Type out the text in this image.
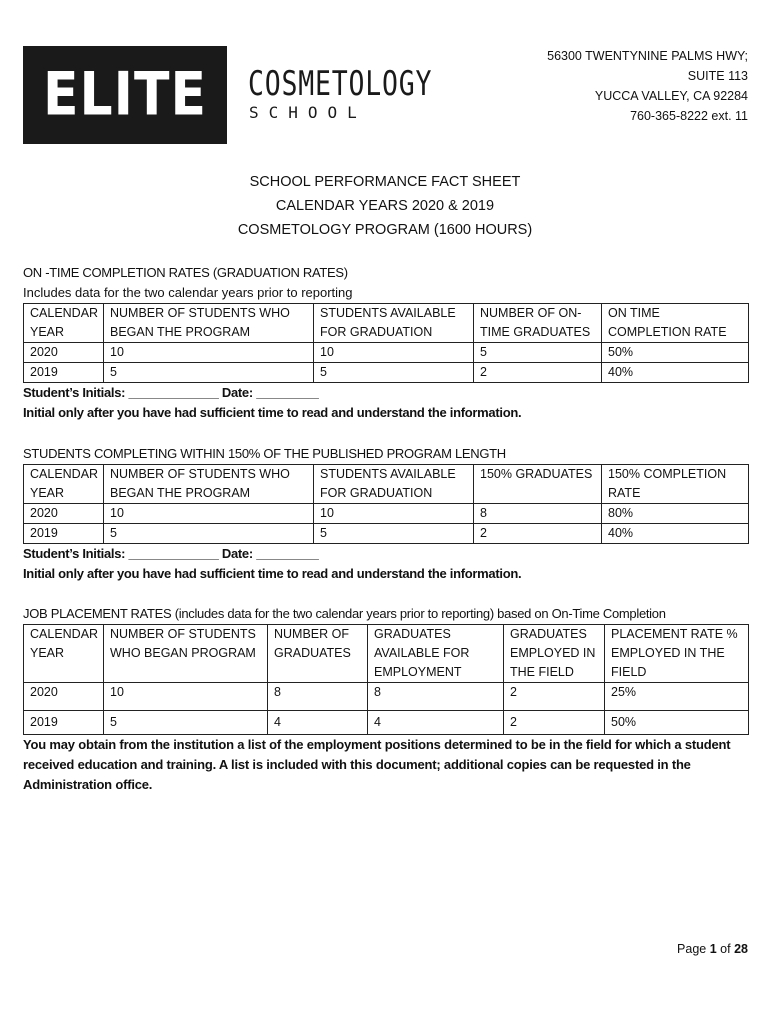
ELITE COSMETOLOGY
SCHOOL
56300 TWENTYNINE PALMS HWY;
SUITE 113
YUCCA VALLEY, CA 92284
760-365-8222 ext. 11
SCHOOL PERFORMANCE FACT SHEET
CALENDAR YEARS 2020 & 2019
COSMETOLOGY PROGRAM (1600 HOURS)
ON -TIME COMPLETION RATES (GRADUATION RATES)
Includes data for the two calendar years prior to reporting
CALENDAR YEAR	NUMBER OF STUDENTS WHO BEGAN THE PROGRAM	STUDENTS AVAILABLE FOR GRADUATION	NUMBER OF ON-TIME GRADUATES	ON TIME COMPLETION RATE
2020	10	10	5	50%
2019	5	5	2	40%
Student’s Initials: _____________ Date: _________
Initial only after you have had sufficient time to read and understand the information.
STUDENTS COMPLETING WITHIN 150% OF THE PUBLISHED PROGRAM LENGTH
CALENDAR YEAR	NUMBER OF STUDENTS WHO BEGAN THE PROGRAM	STUDENTS AVAILABLE FOR GRADUATION	150% GRADUATES	150% COMPLETION RATE
2020	10	10	8	80%
2019	5	5	2	40%
Student’s Initials: _____________ Date: _________
Initial only after you have had sufficient time to read and understand the information.
JOB PLACEMENT RATES (includes data for the two calendar years prior to reporting) based on On-Time Completion
CALENDAR YEAR	NUMBER OF STUDENTS WHO BEGAN PROGRAM	NUMBER OF GRADUATES	GRADUATES AVAILABLE FOR EMPLOYMENT	GRADUATES EMPLOYED IN THE FIELD	PLACEMENT RATE % EMPLOYED IN THE FIELD
2020	10	8	8	2	25%
2019	5	4	4	2	50%
You may obtain from the institution a list of the employment positions determined to be in the field for which a student received education and training. A list is included with this document; additional copies can be requested in the Administration office.
Page 1 of 28
